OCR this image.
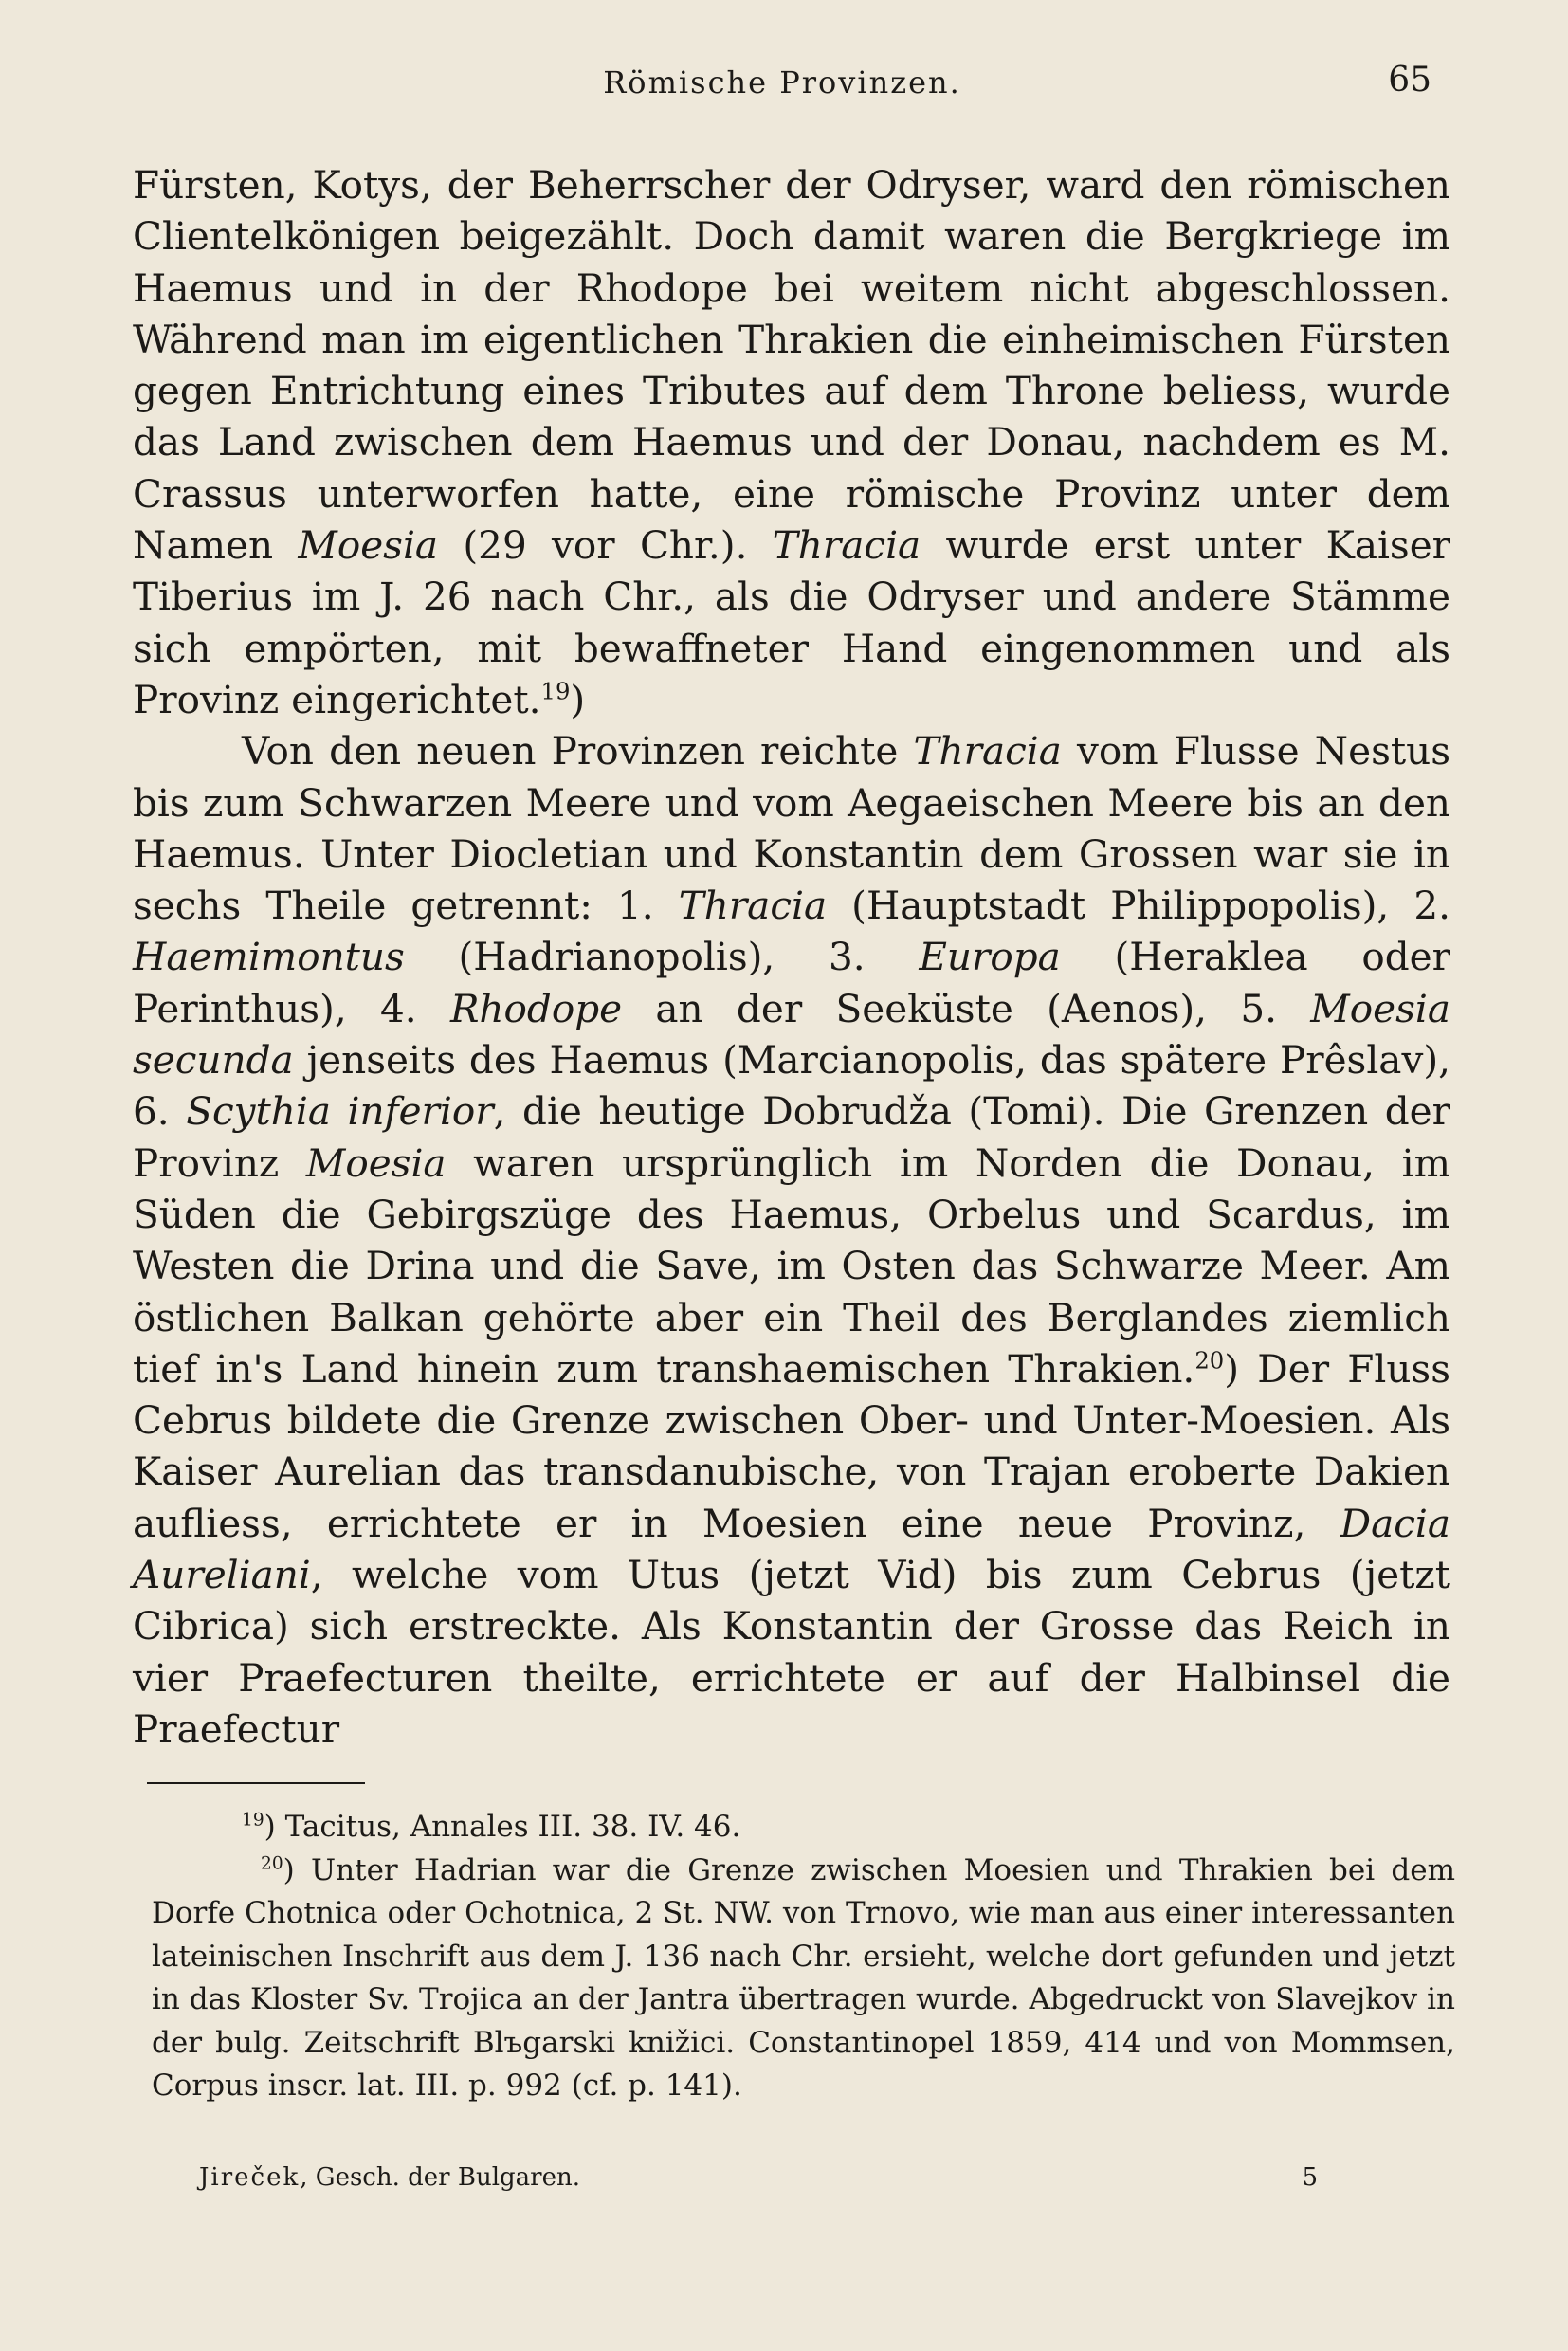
Römische Provinzen.	65

Fürsten, Kotys, der Beherrscher der Odryser, ward den römischen Clientelkönigen beigezählt. Doch damit waren die Bergkriege im Haemus und in der Rhodope bei weitem nicht abgeschlossen. Während man im eigentlichen Thrakien die einheimischen Fürsten gegen Entrichtung eines Tributes auf dem Throne beliess, wurde das Land zwischen dem Haemus und der Donau, nachdem es M. Crassus unterworfen hatte, eine römische Provinz unter dem Namen Moesia (29 vor Chr.). Thracia wurde erst unter Kaiser Tiberius im J. 26 nach Chr., als die Odryser und andere Stämme sich empörten, mit bewaffneter Hand eingenommen und als Provinz eingerichtet.$^{19}$)

Von den neuen Provinzen reichte Thracia vom Flusse Nestus bis zum Schwarzen Meere und vom Aegaeischen Meere bis an den Haemus. Unter Diocletian und Konstantin dem Grossen war sie in sechs Theile getrennt: 1. Thracia (Hauptstadt Philippopolis), 2. Haemimontus (Hadrianopolis), 3. Europa (Heraklea oder Perinthus), 4. Rhodope an der Seeküste (Aenos), 5. Moesia secunda jenseits des Haemus (Marcianopolis, das spätere Prêslav), 6. Scythia inferior, die heutige Dobrudža (Tomi). Die Grenzen der Provinz Moesia waren ursprünglich im Norden die Donau, im Süden die Gebirgszüge des Haemus, Orbelus und Scardus, im Westen die Drina und die Save, im Osten das Schwarze Meer. Am östlichen Balkan gehörte aber ein Theil des Berglandes ziemlich tief in's Land hinein zum transhaemischen Thrakien.$^{20}$) Der Fluss Cebrus bildete die Grenze zwischen Ober- und Unter-Moesien. Als Kaiser Aurelian das transdanubische, von Trajan eroberte Dakien aufliess, errichtete er in Moesien eine neue Provinz, Dacia Aureliani, welche vom Utus (jetzt Vid) bis zum Cebrus (jetzt Cibrica) sich erstreckte. Als Konstantin der Grosse das Reich in vier Praefecturen theilte, errichtete er auf der Halbinsel die Praefectur

$^{19}$) Tacitus, Annales III. 38. IV. 46.

$^{20}$) Unter Hadrian war die Grenze zwischen Moesien und Thrakien bei dem Dorfe Chotnica oder Ochotnica, 2 St. NW. von Trnovo, wie man aus einer interessanten lateinischen Inschrift aus dem J. 136 nach Chr. ersieht, welche dort gefunden und jetzt in das Kloster Sv. Trojica an der Jantra übertragen wurde. Abgedruckt von Slavejkov in der bulg. Zeitschrift Blъgarski knižici. Constantinopel 1859, 414 und von Mommsen, Corpus inscr. lat. III. p. 992 (cf. p. 141).

Jireček, Gesch. der Bulgaren.	5
